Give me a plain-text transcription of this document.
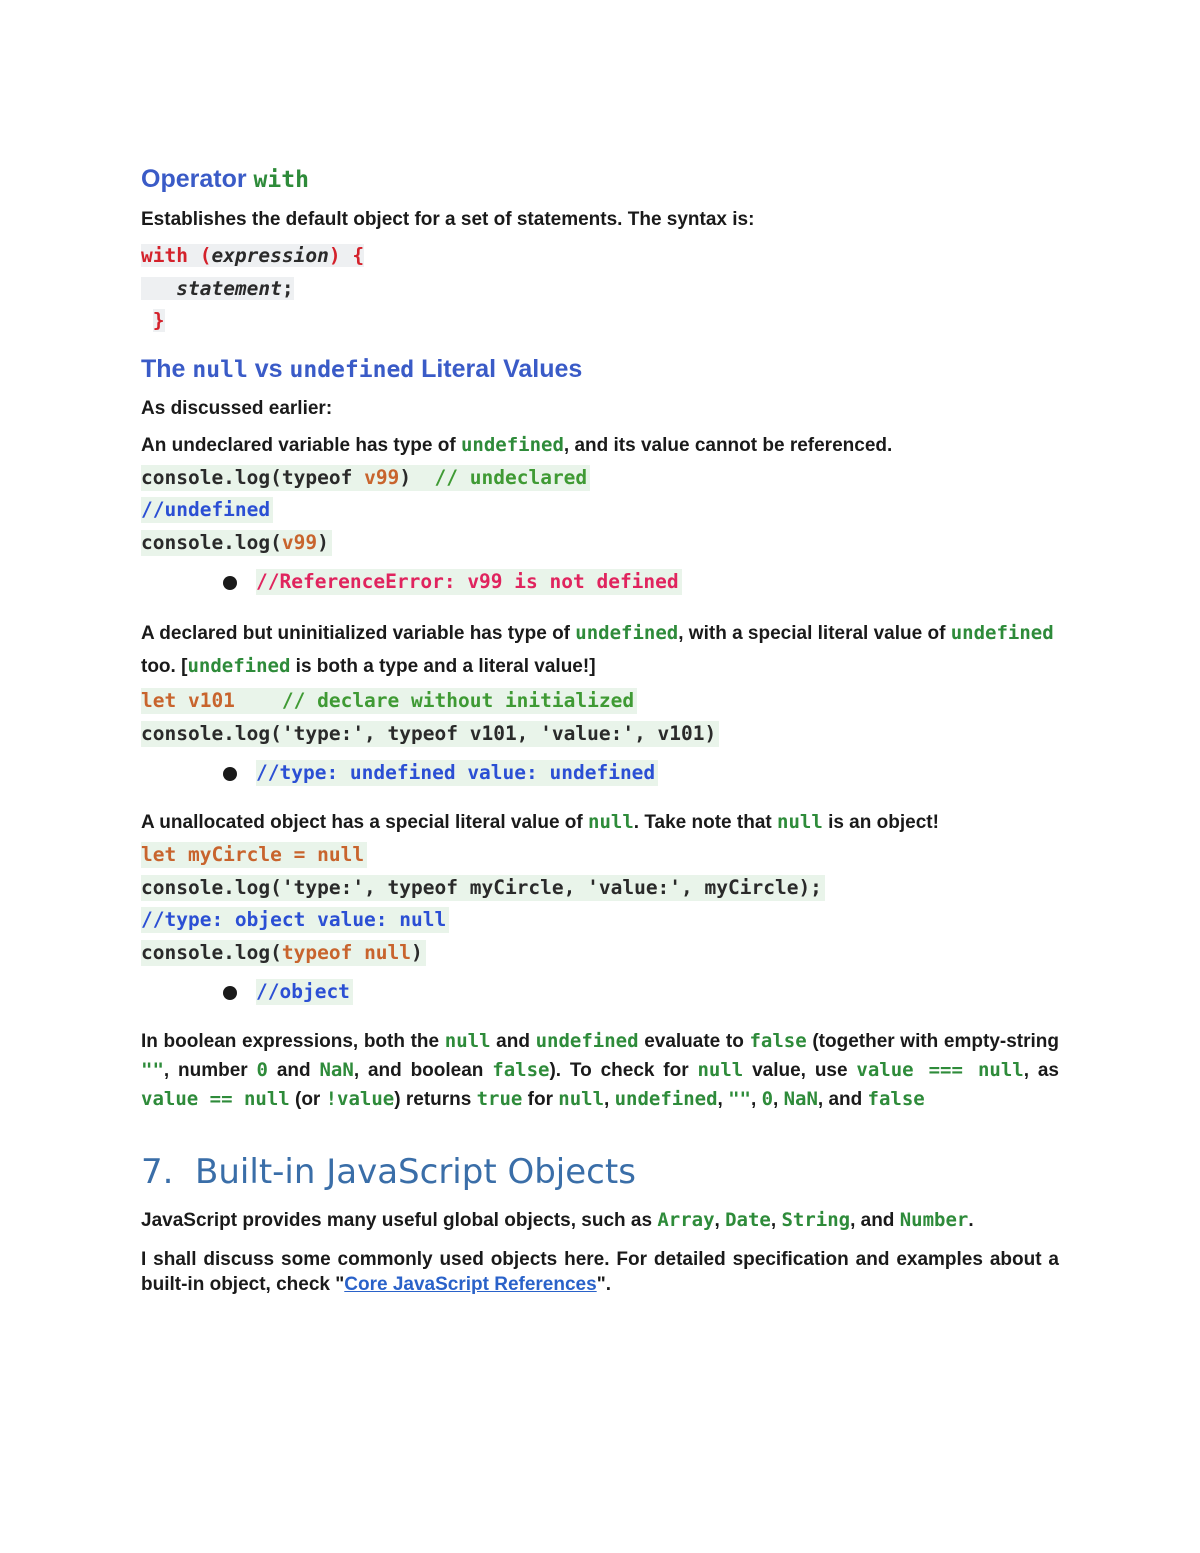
Operator with

Establishes the default object for a set of statements. The syntax is:

with (expression) {
statement;
}
The null vs undefined Literal Values

As discussed earlier:

An undeclared variable has type of undefined, and its value cannot be referenced.

console.log(typeof v99)  // undeclared
//undefined
console.log(v99)
//ReferenceError: v99 is not defined

A declared but uninitialized variable has type of undefined, with a special literal value of undefined too. [undefined is both a type and a literal value!]

let v101    // declare without initialized
console.log('type:', typeof v101, 'value:', v101)
//type: undefined value: undefined

A unallocated object has a special literal value of null. Take note that null is an object!

let myCircle = null
console.log('type:', typeof myCircle, 'value:', myCircle);
//type: object value: null
console.log(typeof null)
//object

In boolean expressions, both the null and undefined evaluate to false (together with empty-string "", number 0 and NaN, and boolean false). To check for null value, use value === null, as value == null (or !value) returns true for null, undefined, "", 0, NaN, and false

7.  Built-in JavaScript Objects

JavaScript provides many useful global objects, such as Array, Date, String, and Number.

I shall discuss some commonly used objects here. For detailed specification and examples about a built-in object, check "Core JavaScript References".
